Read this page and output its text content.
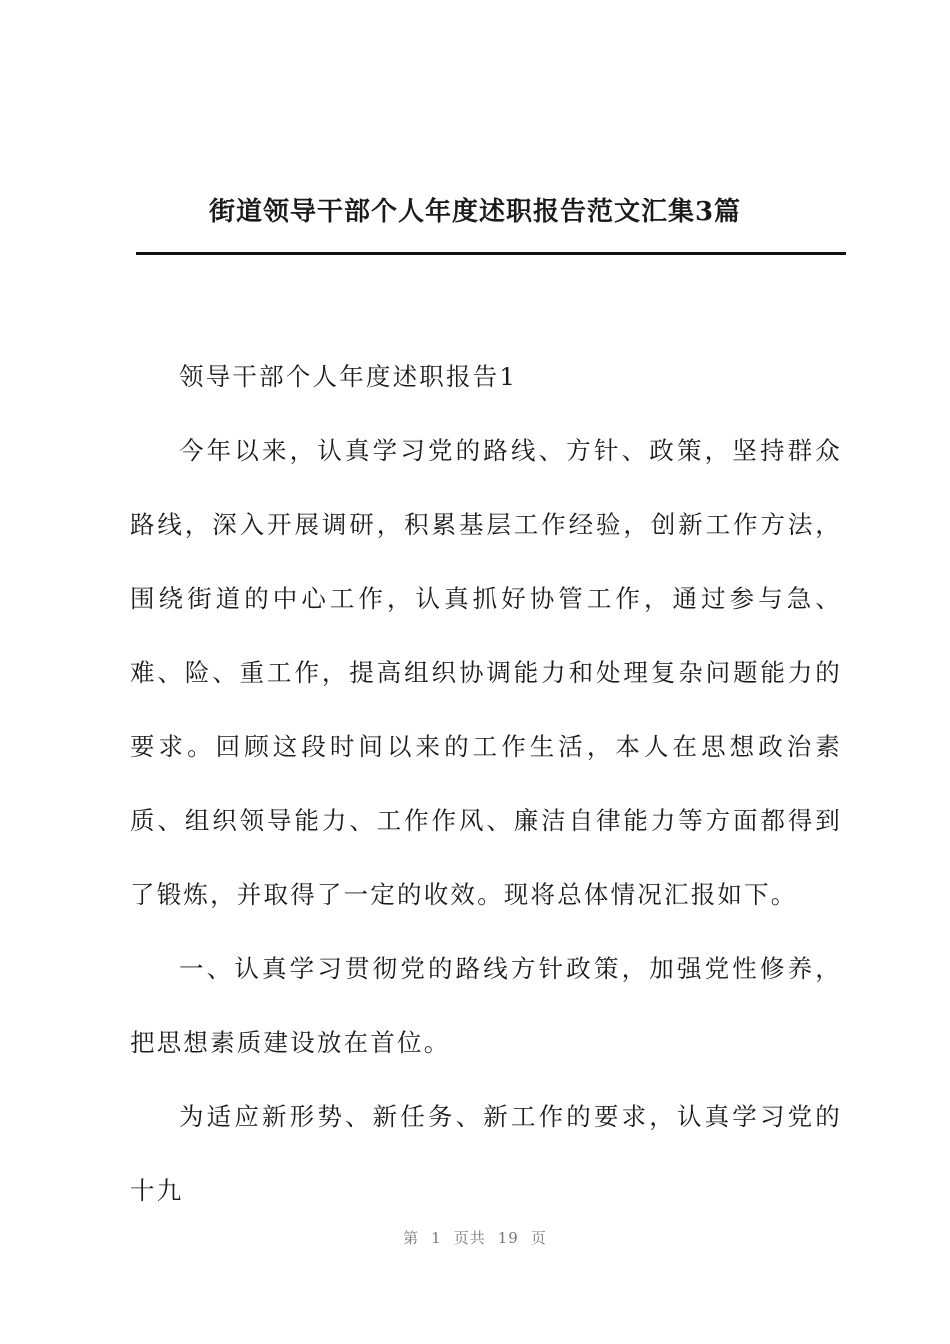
街道领导干部个人年度述职报告范文汇集3篇

领导干部个人年度述职报告1

今年以来，认真学习党的路线、方针、政策，坚持群众路线，深入开展调研，积累基层工作经验，创新工作方法，围绕街道的中心工作，认真抓好协管工作，通过参与急、难、险、重工作，提高组织协调能力和处理复杂问题能力的要求。回顾这段时间以来的工作生活，本人在思想政治素质、组织领导能力、工作作风、廉洁自律能力等方面都得到了锻炼，并取得了一定的收效。现将总体情况汇报如下。

一、认真学习贯彻党的路线方针政策，加强党性修养，把思想素质建设放在首位。

为适应新形势、新任务、新工作的要求，认真学习党的十九

第 1 页共 19 页
